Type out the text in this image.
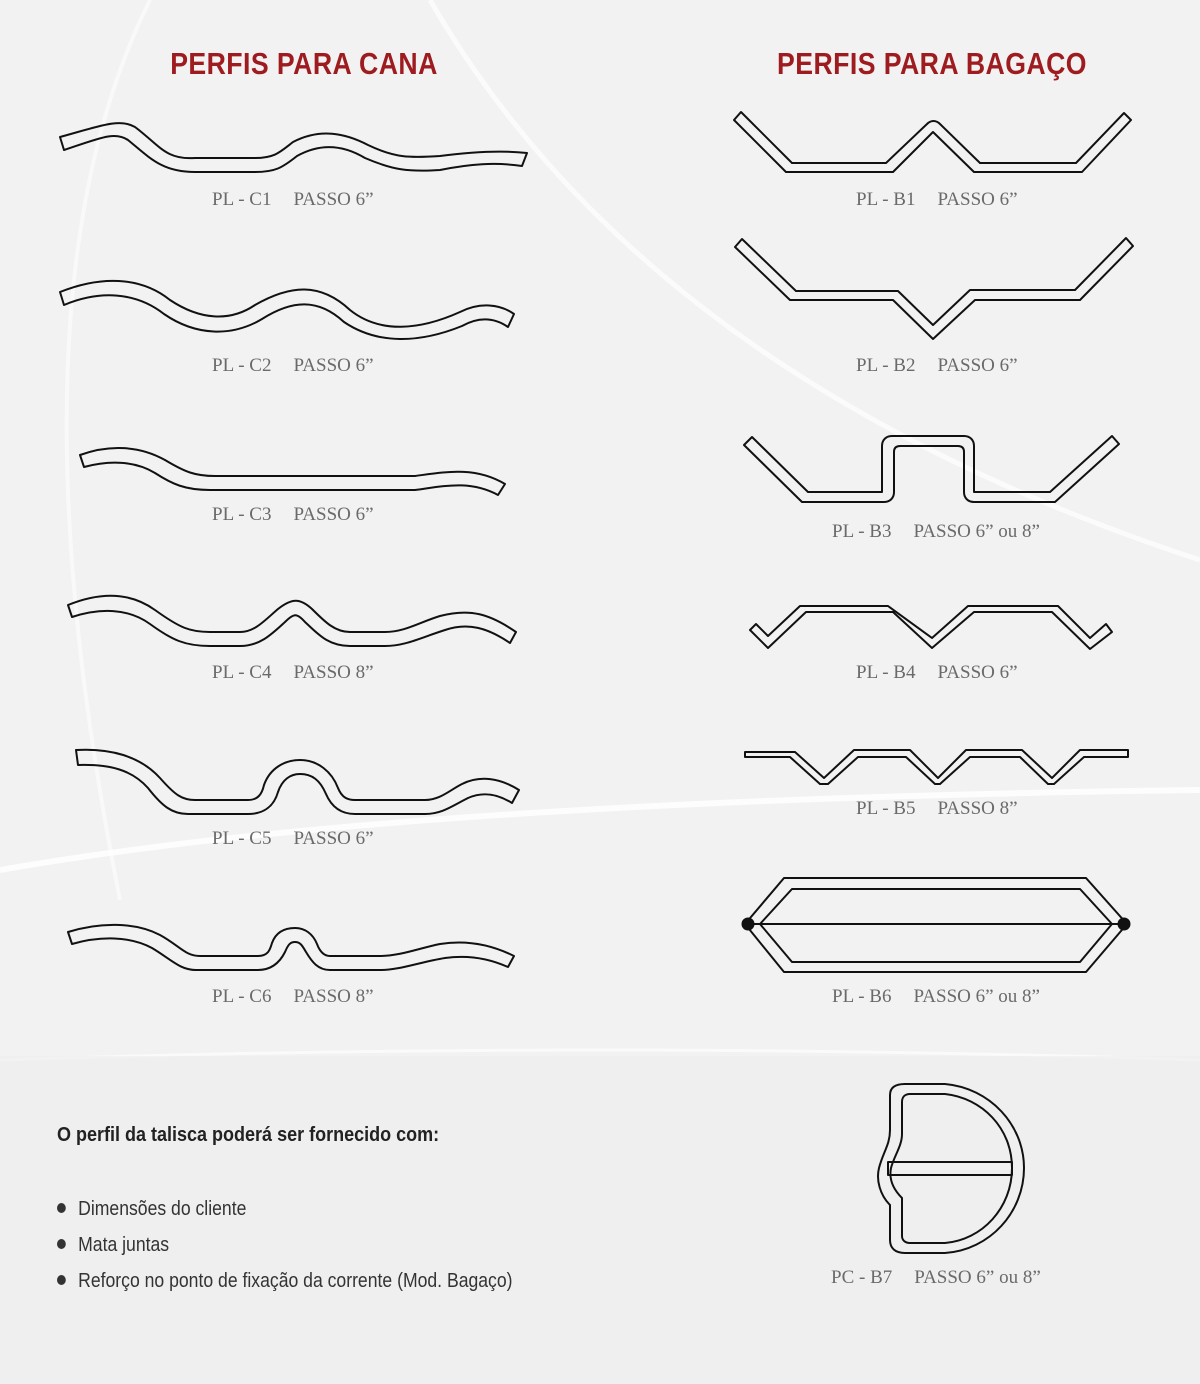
PERFIS PARA CANA	PERFIS PARA BAGAÇO
PL - C1 PASSO 6”
PL - C2 PASSO 6”
PL - C3 PASSO 6”
PL - C4 PASSO 8”
PL - C5 PASSO 6”
PL - C6 PASSO 8”
PL - B1 PASSO 6”
PL - B2 PASSO 6”
PL - B3 PASSO 6” ou 8”
PL - B4 PASSO 6”
PL - B5 PASSO 8”
PL - B6 PASSO 6” ou 8”
PC - B7 PASSO 6” ou 8”

O perfil da talisca poderá ser fornecido com:

Dimensões do cliente
Mata juntas
Reforço no ponto de fixação da corrente (Mod. Bagaço)
